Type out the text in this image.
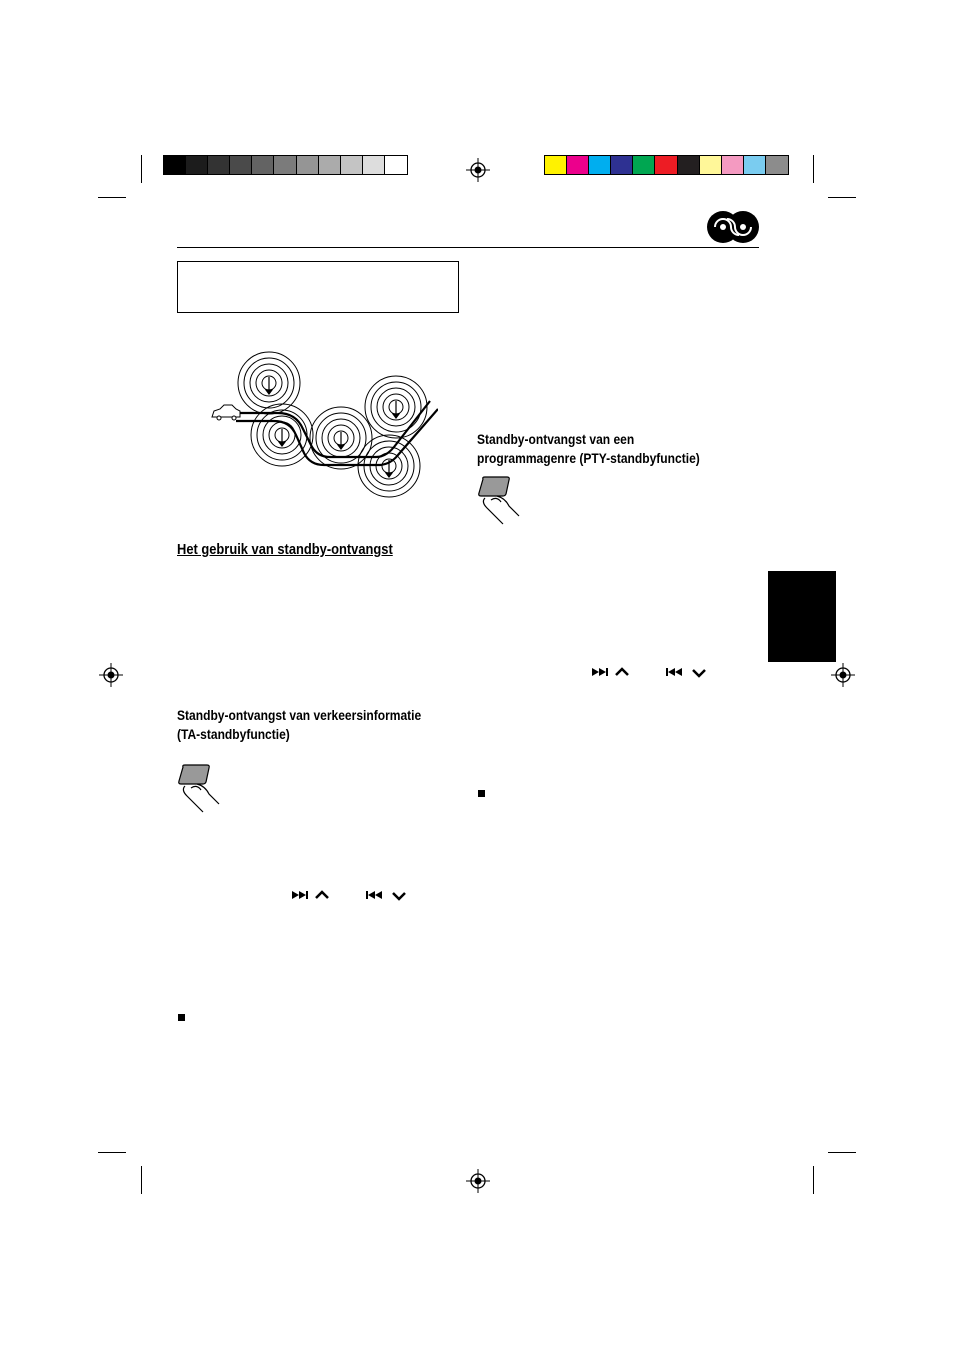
Het gebruik van standby-ontvangst
Standby-ontvangst van verkeersinformatie
(TA-standbyfunctie)
Standby-ontvangst van een
programmagenre (PTY-standbyfunctie)
